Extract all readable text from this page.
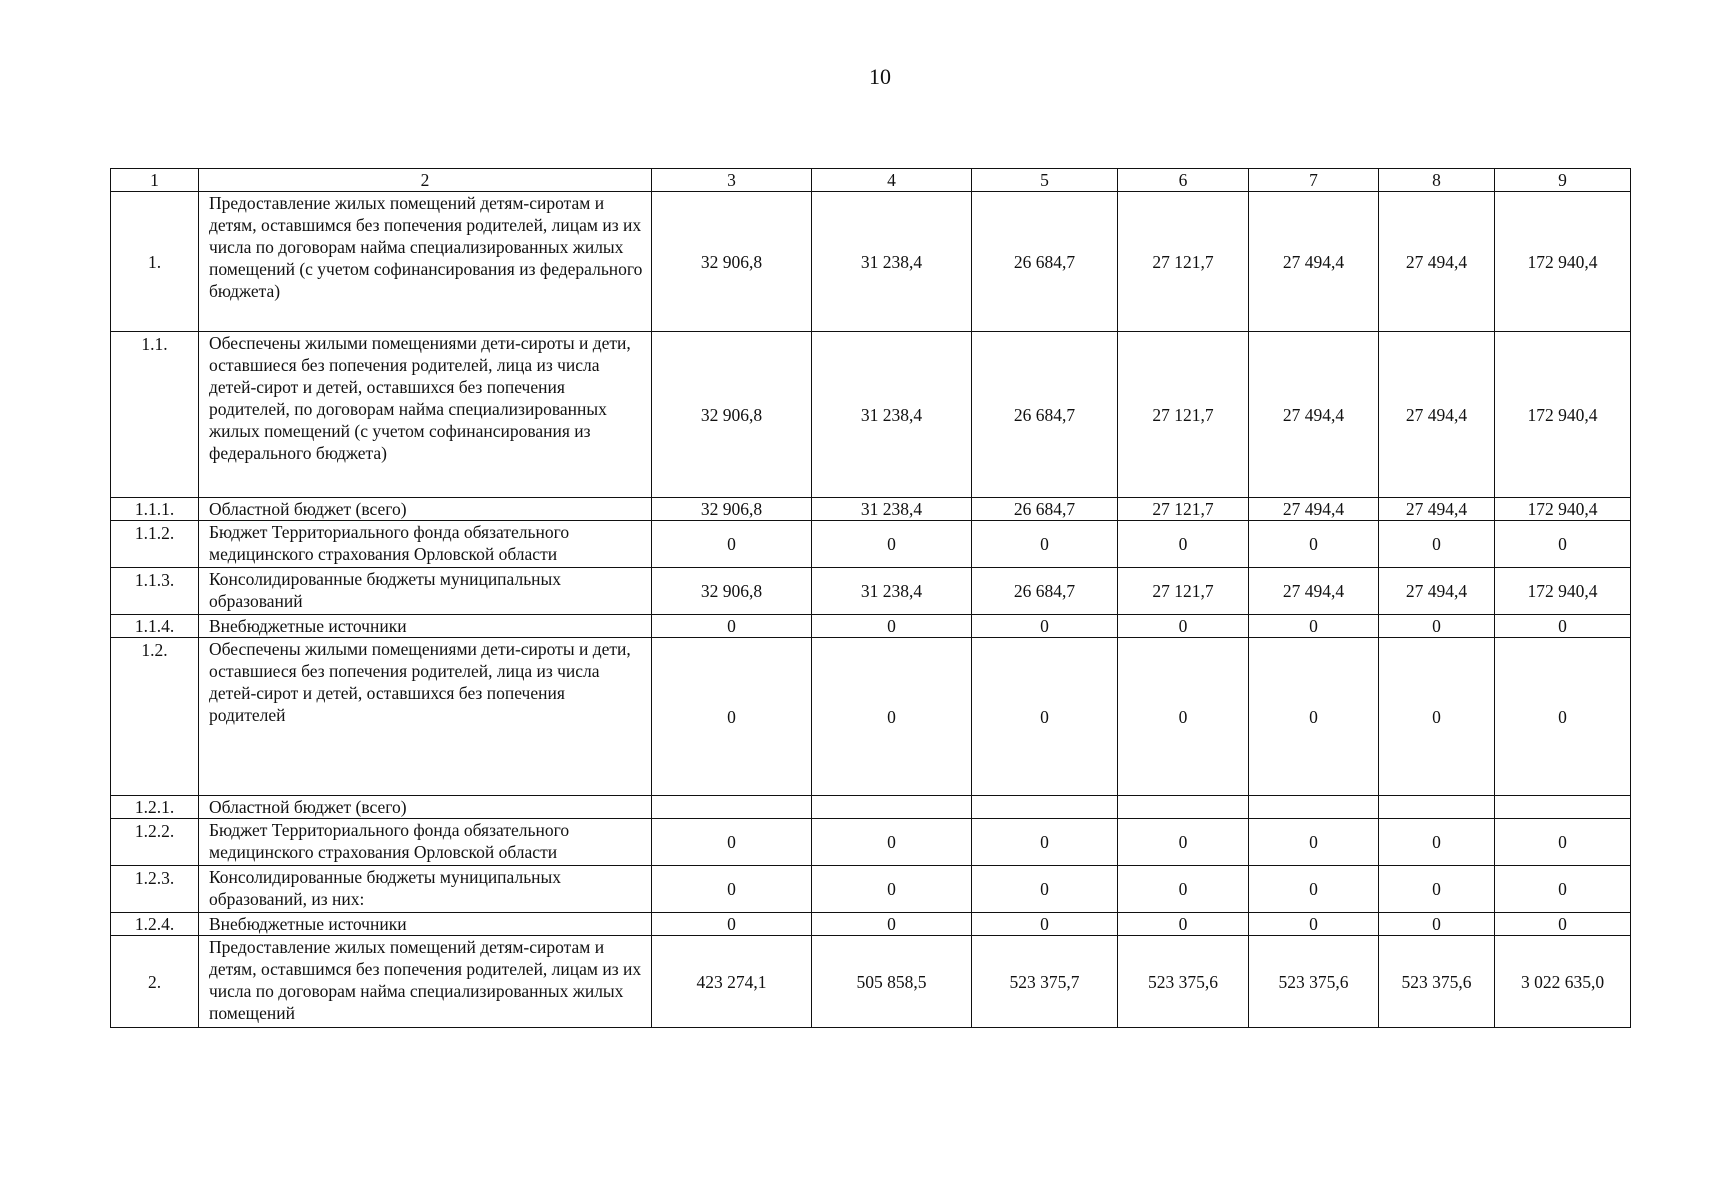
10
1	2	3	4	5	6	7	8	9
1.	Предоставление жилых помещений детям-сиротам и детям, оставшимся без попечения родителей, лицам из их числа по договорам найма специализированных жилых помещений (с учетом софинансирования из федерального бюджета)	32 906,8	31 238,4	26 684,7	27 121,7	27 494,4	27 494,4	172 940,4
1.1.	Обеспечены жилыми помещениями дети-сироты и дети, оставшиеся без попечения родителей, лица из числа детей-сирот и детей, оставшихся без попечения родителей, по договорам найма специализированных жилых помещений (с учетом софинансирования из федерального бюджета)	32 906,8	31 238,4	26 684,7	27 121,7	27 494,4	27 494,4	172 940,4
1.1.1.	Областной бюджет (всего)	32 906,8	31 238,4	26 684,7	27 121,7	27 494,4	27 494,4	172 940,4
1.1.2.	Бюджет Территориального фонда обязательного медицинского страхования Орловской области	0	0	0	0	0	0	0
1.1.3.	Консолидированные бюджеты муниципальных образований	32 906,8	31 238,4	26 684,7	27 121,7	27 494,4	27 494,4	172 940,4
1.1.4.	Внебюджетные источники	0	0	0	0	0	0	0
1.2.	Обеспечены жилыми помещениями дети-сироты и дети, оставшиеся без попечения родителей, лица из числа детей-сирот и детей, оставшихся без попечения родителей	0	0	0	0	0	0	0
1.2.1.	Областной бюджет (всего)							
1.2.2.	Бюджет Территориального фонда обязательного медицинского страхования Орловской области	0	0	0	0	0	0	0
1.2.3.	Консолидированные бюджеты муниципальных образований, из них:	0	0	0	0	0	0	0
1.2.4.	Внебюджетные источники	0	0	0	0	0	0	0
2.	Предоставление жилых помещений детям-сиротам и детям, оставшимся без попечения родителей, лицам из их числа по договорам найма специализированных жилых помещений	423 274,1	505 858,5	523 375,7	523 375,6	523 375,6	523 375,6	3 022 635,0
